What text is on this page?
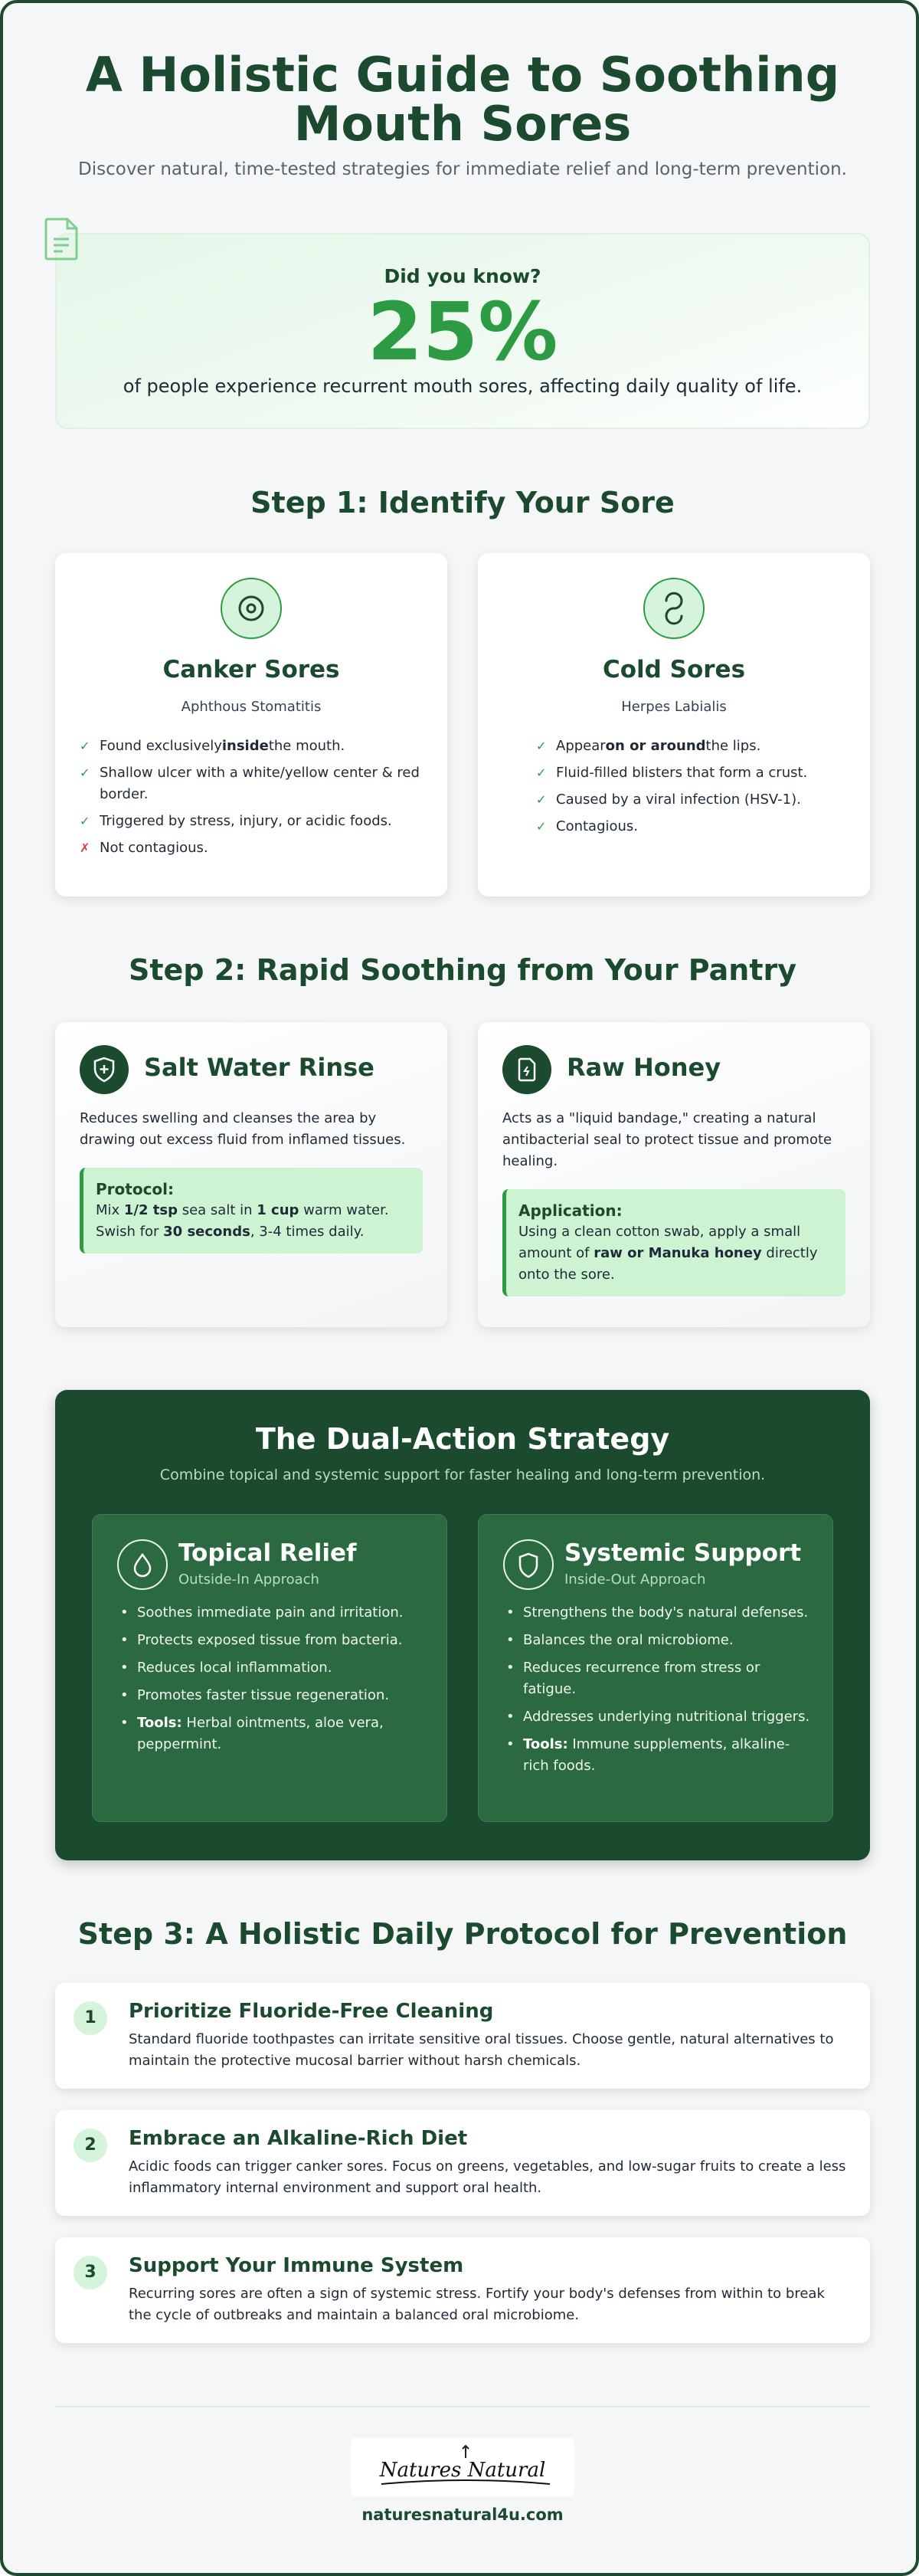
A Holistic Guide to Soothing
Mouth Sores
Discover natural, time-tested strategies for immediate relief and long-term prevention.
Did you know?
25%
of people experience recurrent mouth sores, affecting daily quality of life.
Step 1: Identify Your Sore
Canker Sores
Aphthous Stomatitis
✓ Found exclusivelyinsidethe mouth.
✓ Shallow ulcer with a white/yellow center & red border.
✓ Triggered by stress, injury, or acidic foods.
✗ Not contagious.
Cold Sores
Herpes Labialis
✓ Appearon or aroundthe lips.
✓ Fluid-filled blisters that form a crust.
✓ Caused by a viral infection (HSV-1).
✓ Contagious.
Step 2: Rapid Soothing from Your Pantry
Salt Water Rinse
Reduces swelling and cleanses the area by drawing out excess fluid from inflamed tissues.
Protocol:
Mix 1/2 tsp sea salt in 1 cup warm water. Swish for 30 seconds, 3-4 times daily.
Raw Honey
Acts as a "liquid bandage," creating a natural antibacterial seal to protect tissue and promote healing.
Application:
Using a clean cotton swab, apply a small amount of raw or Manuka honey directly onto the sore.
The Dual-Action Strategy
Combine topical and systemic support for faster healing and long-term prevention.
Topical Relief
Outside-In Approach
• Soothes immediate pain and irritation.
• Protects exposed tissue from bacteria.
• Reduces local inflammation.
• Promotes faster tissue regeneration.
• Tools: Herbal ointments, aloe vera, peppermint.
Systemic Support
Inside-Out Approach
• Strengthens the body's natural defenses.
• Balances the oral microbiome.
• Reduces recurrence from stress or fatigue.
• Addresses underlying nutritional triggers.
• Tools: Immune supplements, alkaline-rich foods.
Step 3: A Holistic Daily Protocol for Prevention
1	Prioritize Fluoride-Free Cleaning
Standard fluoride toothpastes can irritate sensitive oral tissues. Choose gentle, natural alternatives to maintain the protective mucosal barrier without harsh chemicals.
2	Embrace an Alkaline-Rich Diet
Acidic foods can trigger canker sores. Focus on greens, vegetables, and low-sugar fruits to create a less inflammatory internal environment and support oral health.
3	Support Your Immune System
Recurring sores are often a sign of systemic stress. Fortify your body's defenses from within to break the cycle of outbreaks and maintain a balanced oral microbiome.
Natures Natural
naturesnatural4u.com
